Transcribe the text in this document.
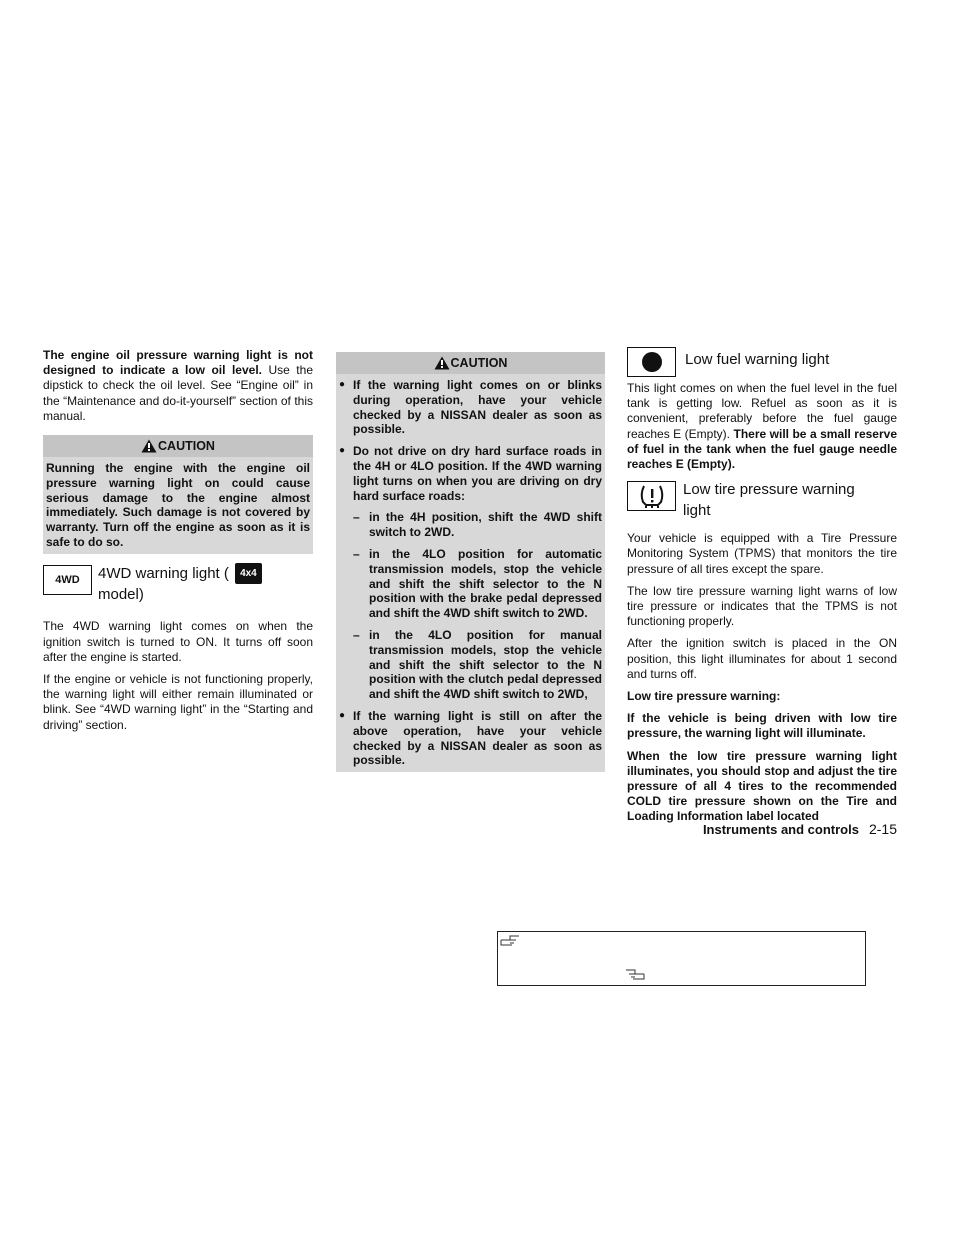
The engine oil pressure warning light is not designed to indicate a low oil level. Use the dipstick to check the oil level. See “Engine oil” in the “Maintenance and do-it-yourself” section of this manual.

CAUTION
Running the engine with the engine oil pressure warning light on could cause serious damage to the engine almost immediately. Such damage is not covered by warranty. Turn off the engine as soon as it is safe to do so.
4WD 4WD warning light ( 4x4
model)

The 4WD warning light comes on when the ignition switch is turned to ON. It turns off soon after the engine is started.

If the engine or vehicle is not functioning properly, the warning light will either remain illuminated or blink. See “4WD warning light” in the “Starting and driving” section.

CAUTION
● If the warning light comes on or blinks during operation, have your vehicle checked by a NISSAN dealer as soon as possible.
● Do not drive on dry hard surface roads in the 4H or 4LO position. If the 4WD warning light turns on when you are driving on dry hard surface roads:
– in the 4H position, shift the 4WD shift switch to 2WD.
– in the 4LO position for automatic transmission models, stop the vehicle and shift the shift selector to the N position with the brake pedal depressed and shift the 4WD shift switch to 2WD.
– in the 4LO position for manual transmission models, stop the vehicle and shift the shift selector to the N position with the clutch pedal depressed and shift the 4WD shift switch to 2WD,
● If the warning light is still on after the above operation, have your vehicle checked by a NISSAN dealer as soon as possible.
Low fuel warning light

This light comes on when the fuel level in the fuel tank is getting low. Refuel as soon as it is convenient, preferably before the fuel gauge reaches E (Empty). There will be a small reserve of fuel in the tank when the fuel gauge needle reaches E (Empty).

Low tire pressure warning light

Your vehicle is equipped with a Tire Pressure Monitoring System (TPMS) that monitors the tire pressure of all tires except the spare.

The low tire pressure warning light warns of low tire pressure or indicates that the TPMS is not functioning properly.

After the ignition switch is placed in the ON position, this light illuminates for about 1 second and turns off.

Low tire pressure warning:

If the vehicle is being driven with low tire pressure, the warning light will illuminate.

When the low tire pressure warning light illuminates, you should stop and adjust the tire pressure of all 4 tires to the recommended COLD tire pressure shown on the Tire and Loading Information label located

Instruments and controls 2-15
